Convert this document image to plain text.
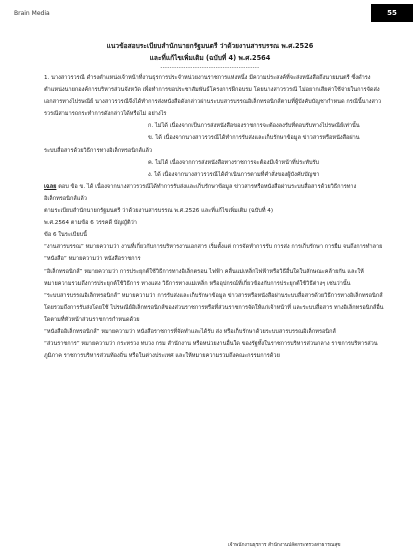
Brain Media	55
แนวข้อสอบระเบียบสำนักนายกรัฐมนตรี ว่าด้วยงานสารบรรณ พ.ศ.2526
และที่แก้ไขเพิ่มเติม (ฉบับที่ 4) พ.ศ.2564
-------------------------------------------

1. นางสาวรวรณี ดำรงตำแหน่งเจ้าหน้าที่งานธุรการประจำหน่วยงานราชการแห่งหนึ่ง มีความประสงค์ที่จะส่งหนังสือถึงนายมนตรี ซึ่งดำรงตำแหน่งนายกองค์การบริหารส่วนจังหวัด เพื่อทำการขอประชาสัมพันธ์โครงการฝึกอบรม โดยนางสาวรวรณี ไม่อยากเสียค่าใช้จ่ายในการจัดส่งเอกสารทางไปรษณีย์ นางสาวรวรณีจึงได้ทำการส่งหนังสือดังกล่าวผ่านระบบสารบรรณอิเล็กทรอนิกส์ตามที่ผู้บังคับบัญชากำหนด กรณีนี้นางสาวรวรณีสามารถกระทำการดังกล่าวได้หรือไม่ อย่างไร

ก. ไม่ได้ เนื่องจากเป็นการส่งหนังสือของราชการจะต้องลงรับที่ตอบรับทางไปรษณีย์เท่านั้น

ข. ได้ เนื่องจากนางสาวรวรณีได้ทำการรับส่งและเก็บรักษาข้อมูล ข่าวสารหรือหนังสือผ่าน

ระบบสื่อสารด้วยวิธีการทางอิเล็กทรอนิกส์แล้ว

ค. ไม่ได้ เนื่องจากการส่งหนังสือทางราชการจะต้องมีเจ้าหน้าที่ประทับรับ

ง. ได้ เนื่องจากนางสาวรวรณีได้ดำเนินการตามที่คำสั่งของผู้บังคับบัญชา

เฉลย ตอบ ข้อ ข. ได้ เนื่องจากนางสาวรวรณีได้ทำการรับส่งและเก็บรักษาข้อมูล ข่าวสารหรือหนังสือผ่านระบบสื่อสารด้วยวิธีการทางอิเล็กทรอนิกส์แล้ว

ตามระเบียบสำนักนายกรัฐมนตรี ว่าด้วยงานสารบรรณ พ.ศ.2526 และที่แก้ไขเพิ่มเติม (ฉบับที่ 4)

พ.ศ.2564 ตามข้อ 6 วรรคดี บัญญัติว่า

ข้อ 6 ในระเบียบนี้

“งานสารบรรณ” หมายความว่า งานที่เกี่ยวกับการบริหารงานเอกสาร เริ่มตั้งแต่ การจัดทำการรับ การส่ง การเก็บรักษา การยืม จนถึงการทำลาย

“หนังสือ” หมายความว่า หนังสือราชการ

“อิเล็กทรอนิกส์” หมายความว่า การประยุกต์ใช้วิธีการทางอิเล็กตรอน ไฟฟ้า คลื่นแม่เหล็กไฟฟ้าหรือวิธีอื่นใดในลักษณะคล้ายกัน และให้หมายความรวมถึงการประยุกต์ใช้วิธีการ ทางแสง วิธีการทางแม่เหล็ก หรืออุปกรณ์ที่เกี่ยวข้องกับการประยุกต์ใช้วิธีต่างๆ เช่นว่านั้น

“ระบบสารบรรณอิเล็กทรอนิกส์” หมายความว่า การรับส่งและเก็บรักษาข้อมูล ข่าวสารหรือหนังสือผ่านระบบสื่อสารด้วยวิธีการทางอิเล็กทรอนิกส์ โดยรวมถึงการรับส่งโดยใช้ ไปรษณีย์อิเล็กทรอนิกส์ของส่วนราชการหรือที่ส่วนราชการจัดให้แก่เจ้าหน้าที่ และระบบสื่อสาร ทางอิเล็กทรอนิกส์อื่นใดตามที่หัวหน้าส่วนราชการกำหนดด้วย

“หนังสืออิเล็กทรอนิกส์” หมายความว่า หนังสือราชการที่จัดทำและได้รับ ส่ง หรือเก็บรักษาด้วยระบบสารบรรณอิเล็กทรอนิกส์

“ส่วนราชการ” หมายความว่า กระทรวง ทบวง กรม สำนักงาน หรือหน่วยงานอื่นใด ของรัฐทั้งในราชการบริหารส่วนกลาง ราชการบริหารส่วนภูมิภาค ราชการบริหารส่วนท้องถิ่น หรือในต่างประเทศ และให้หมายความรวมถึงคณะกรรมการด้วย

เจ้าพนักงานธุรการ สำนักงานปลัดกระทรวงสาธารณสุข
